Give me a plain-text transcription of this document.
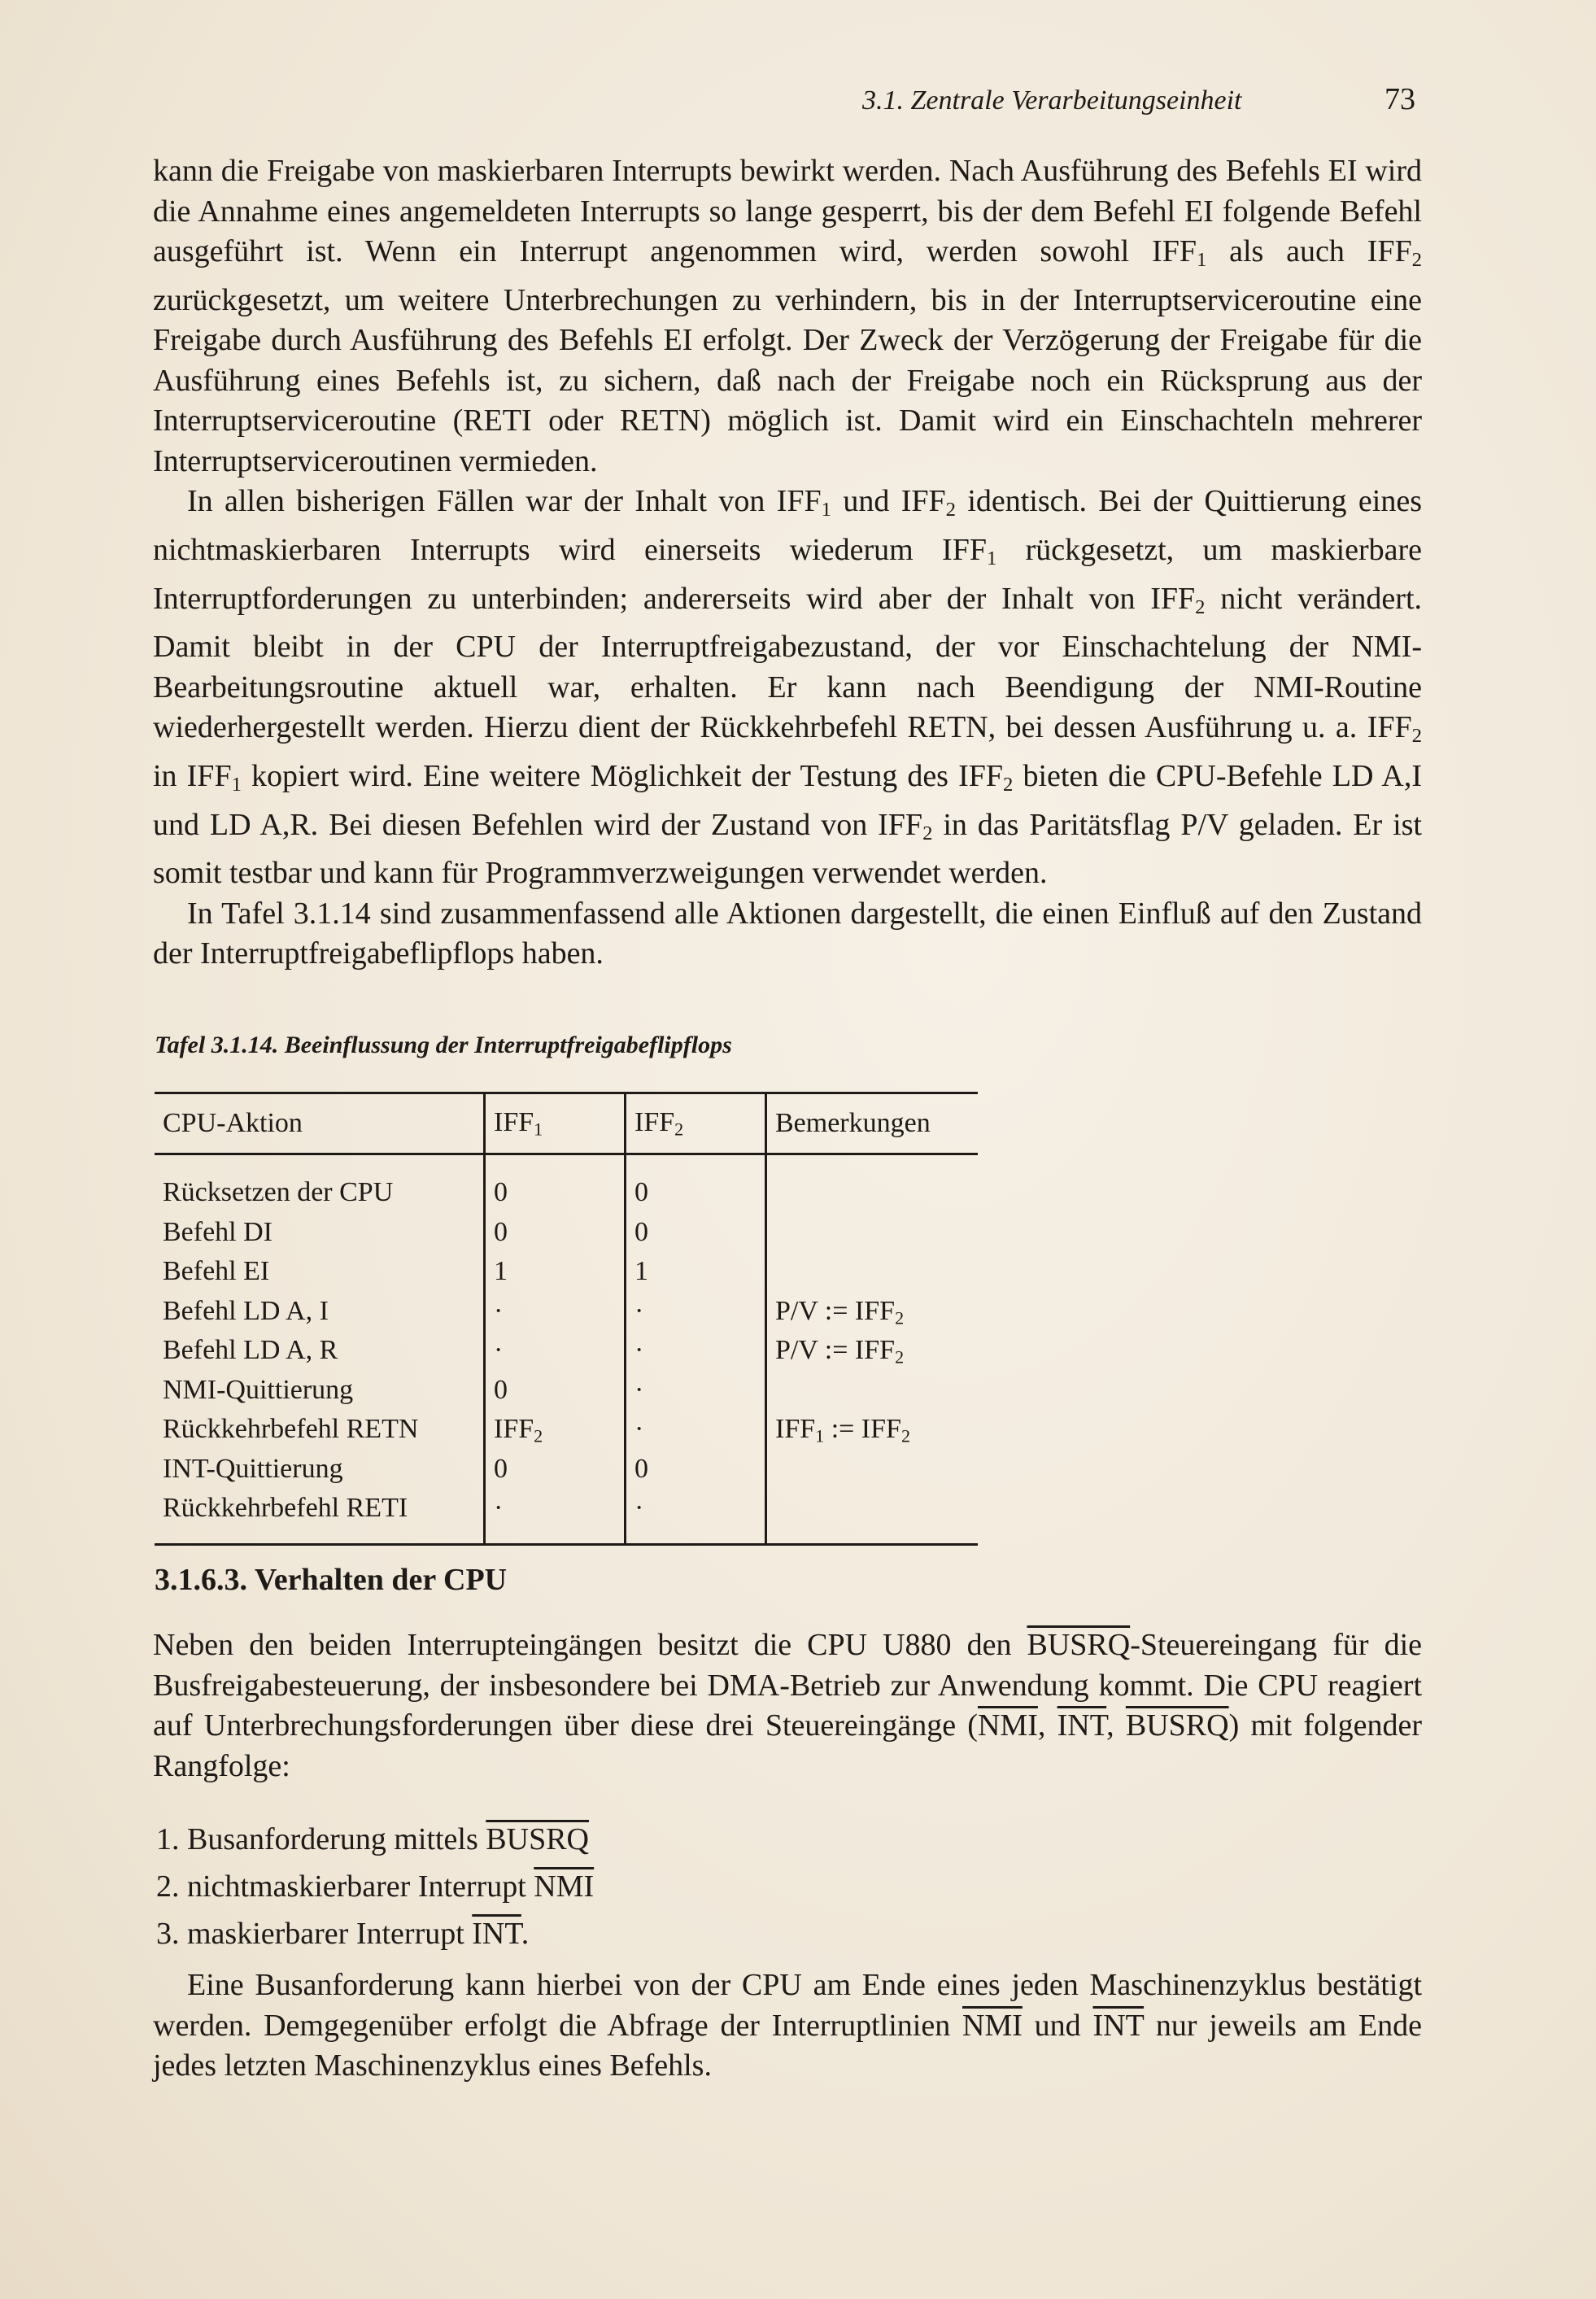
3.1. Zentrale Verarbeitungseinheit	73

kann die Freigabe von maskierbaren Interrupts bewirkt werden. Nach Ausführung des Befehls EI wird die Annahme eines angemeldeten Interrupts so lange gesperrt, bis der dem Befehl EI folgende Befehl ausgeführt ist. Wenn ein Interrupt angenommen wird, werden sowohl $IFF_1$ als auch $IFF_2$ zurückgesetzt, um weitere Unterbrechungen zu verhindern, bis in der Interruptserviceroutine eine Freigabe durch Ausführung des Befehls EI erfolgt. Der Zweck der Verzögerung der Freigabe für die Ausführung eines Befehls ist, zu sichern, daß nach der Freigabe noch ein Rücksprung aus der Interruptserviceroutine (RETI oder RETN) möglich ist. Damit wird ein Einschachteln mehrerer Interruptserviceroutinen vermieden.

In allen bisherigen Fällen war der Inhalt von $IFF_1$ und $IFF_2$ identisch. Bei der Quittierung eines nichtmaskierbaren Interrupts wird einerseits wiederum $IFF_1$ rückgesetzt, um maskierbare Interruptforderungen zu unterbinden; andererseits wird aber der Inhalt von $IFF_2$ nicht verändert. Damit bleibt in der CPU der Interruptfreigabezustand, der vor Einschachtelung der NMI-Bearbeitungsroutine aktuell war, erhalten. Er kann nach Beendigung der NMI-Routine wiederhergestellt werden. Hierzu dient der Rückkehrbefehl RETN, bei dessen Ausführung u. a. $IFF_2$ in $IFF_1$ kopiert wird. Eine weitere Möglichkeit der Testung des $IFF_2$ bieten die CPU-Befehle LD A,I und LD A,R. Bei diesen Befehlen wird der Zustand von $IFF_2$ in das Paritätsflag P/V geladen. Er ist somit testbar und kann für Programmverzweigungen verwendet werden.

In Tafel 3.1.14 sind zusammenfassend alle Aktionen dargestellt, die einen Einfluß auf den Zustand der Interruptfreigabeflipflops haben.

Tafel 3.1.14. Beeinflussung der Interruptfreigabeflipflops
CPU-Aktion	$IFF_1$	$IFF_2$	Bemerkungen
Rücksetzen der CPU	0	0	
Befehl DI	0	0	
Befehl EI	1	1	
Befehl LD A, I	·	·	P/V := $IFF_2$
Befehl LD A, R	·	·	P/V := $IFF_2$
NMI-Quittierung	0	·	
Rückkehrbefehl RETN	$IFF_2$	·	$IFF_1$ := $IFF_2$
INT-Quittierung	0	0	
Rückkehrbefehl RETI	·	·	
3.1.6.3. Verhalten der CPU

Neben den beiden Interrupteingängen besitzt die CPU U880 den BUSRQ-Steuereingang für die Busfreigabesteuerung, der insbesondere bei DMA-Betrieb zur Anwendung kommt. Die CPU reagiert auf Unterbrechungsforderungen über diese drei Steuereingänge ($\overline{NMI}$, $\overline{INT}$, BUSRQ) mit folgender Rangfolge:

1. Busanforderung mittels BUSRQ
2. nichtmaskierbarer Interrupt $\overline{NMI}$
3. maskierbarer Interrupt $\overline{INT}$.

Eine Busanforderung kann hierbei von der CPU am Ende eines jeden Maschinenzyklus bestätigt werden. Demgegenüber erfolgt die Abfrage der Interruptlinien $\overline{NMI}$ und $\overline{INT}$ nur jeweils am Ende jedes letzten Maschinenzyklus eines Befehls.
